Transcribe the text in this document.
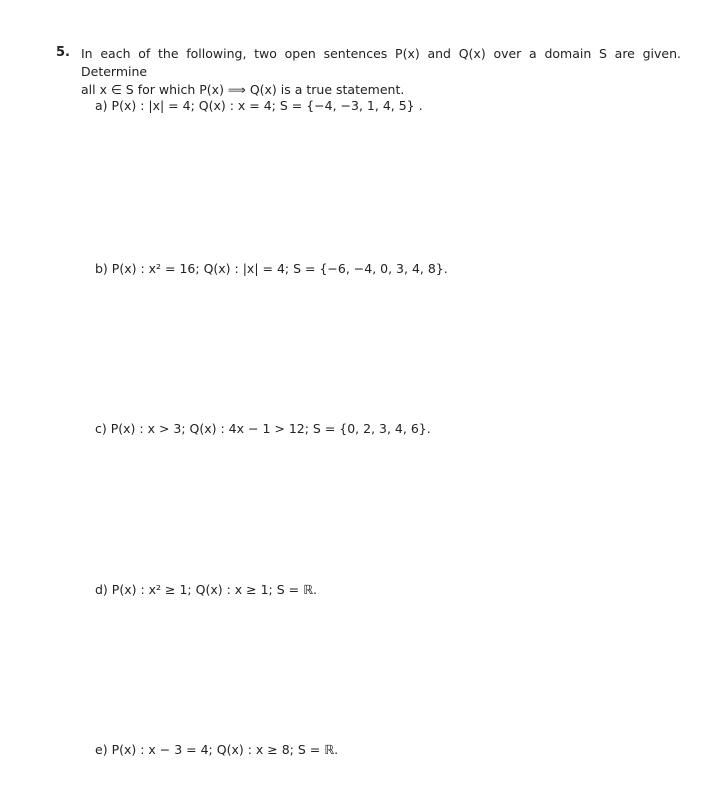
5. In each of the following, two open sentences P(x) and Q(x) over a domain S are given. Determine
all x ∈ S for which P(x) ⟹ Q(x) is a true statement.
a) P(x) : |x| = 4; Q(x) : x = 4; S = {−4, −3, 1, 4, 5} .
b) P(x) : x² = 16; Q(x) : |x| = 4; S = {−6, −4, 0, 3, 4, 8}.
c) P(x) : x > 3; Q(x) : 4x − 1 > 12; S = {0, 2, 3, 4, 6}.
d) P(x) : x² ≥ 1; Q(x) : x ≥ 1; S = ℝ.
e) P(x) : x − 3 = 4; Q(x) : x ≥ 8; S = ℝ.
